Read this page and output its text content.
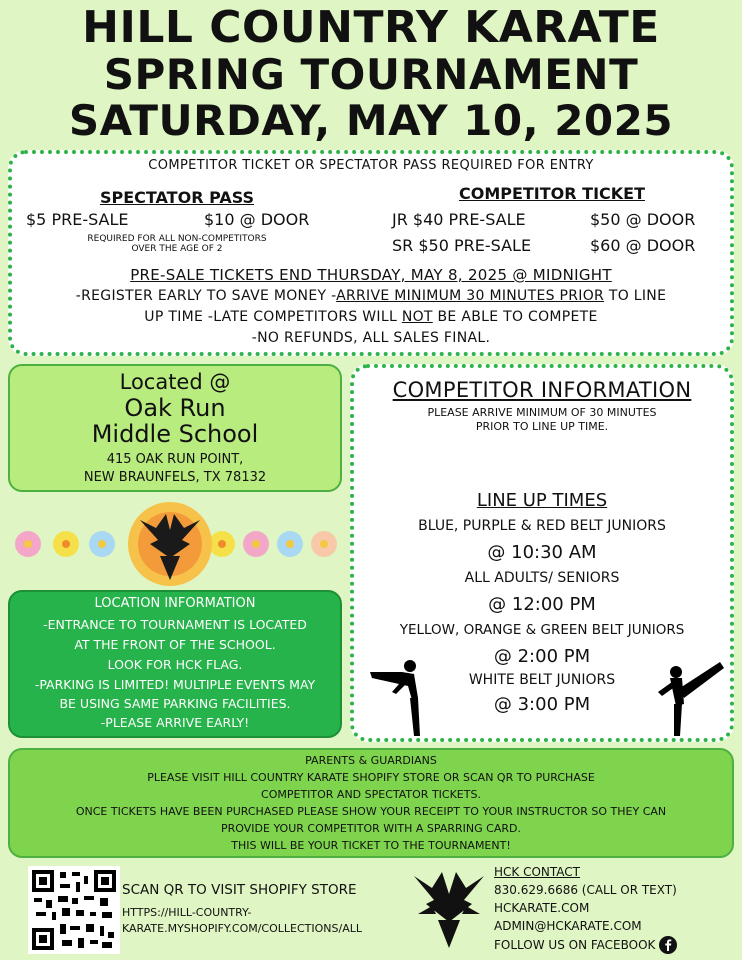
HILL COUNTRY KARATE
SPRING TOURNAMENT
SATURDAY, MAY 10, 2025
COMPETITOR TICKET OR SPECTATOR PASS REQUIRED FOR ENTRY
SPECTATOR PASS
$5 PRE-SALE	$10 @ DOOR
REQUIRED FOR ALL NON-COMPETITORS
OVER THE AGE OF 2
COMPETITOR TICKET
JR $40 PRE-SALE	$50 @ DOOR
SR $50 PRE-SALE	$60 @ DOOR
PRE-SALE TICKETS END THURSDAY, MAY 8, 2025 @ MIDNIGHT
-REGISTER EARLY TO SAVE MONEY -ARRIVE MINIMUM 30 MINUTES PRIOR TO LINE
UP TIME -LATE COMPETITORS WILL NOT BE ABLE TO COMPETE
-NO REFUNDS, ALL SALES FINAL.
Located @
Oak Run
Middle School
415 OAK RUN POINT,
NEW BRAUNFELS, TX 78132
LOCATION INFORMATION
-ENTRANCE TO TOURNAMENT IS LOCATED
AT THE FRONT OF THE SCHOOL.
LOOK FOR HCK FLAG.
-PARKING IS LIMITED! MULTIPLE EVENTS MAY
BE USING SAME PARKING FACILITIES.
-PLEASE ARRIVE EARLY!
COMPETITOR INFORMATION
PLEASE ARRIVE MINIMUM OF 30 MINUTES
PRIOR TO LINE UP TIME.
LINE UP TIMES
BLUE, PURPLE & RED BELT JUNIORS
@ 10:30 AM
ALL ADULTS/ SENIORS
@ 12:00 PM
YELLOW, ORANGE & GREEN BELT JUNIORS
@ 2:00 PM
WHITE BELT JUNIORS
@ 3:00 PM
PARENTS & GUARDIANS
PLEASE VISIT HILL COUNTRY KARATE SHOPIFY STORE OR SCAN QR TO PURCHASE
COMPETITOR AND SPECTATOR TICKETS.
ONCE TICKETS HAVE BEEN PURCHASED PLEASE SHOW YOUR RECEIPT TO YOUR INSTRUCTOR SO THEY CAN
PROVIDE YOUR COMPETITOR WITH A SPARRING CARD.
THIS WILL BE YOUR TICKET TO THE TOURNAMENT!
SCAN QR TO VISIT SHOPIFY STORE
HTTPS://HILL-COUNTRY-
KARATE.MYSHOPIFY.COM/COLLECTIONS/ALL
HCK CONTACT
830.629.6686 (CALL OR TEXT)
HCKARATE.COM
ADMIN@HCKARATE.COM
FOLLOW US ON FACEBOOK
